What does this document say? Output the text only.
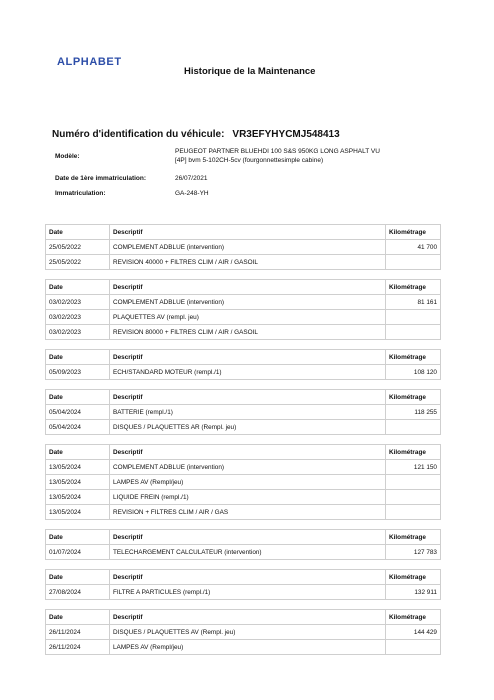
ALPHABET
Historique de la Maintenance
Numéro d'identification du véhicule: VR3EFYHYCMJ548413
Modèle:
PEUGEOT PARTNER BLUEHDI 100 S&S 950KG LONG ASPHALT VU
[4P] bvm 5-102CH-5cv (fourgonnettesimple cabine)
Date de 1ère immatriculation:	26/07/2021
Immatriculation:	GA-248-YH
Date	Descriptif	Kilométrage
25/05/2022	COMPLEMENT ADBLUE (intervention)	41 700
25/05/2022	REVISION 40000 + FILTRES CLIM / AIR / GASOIL	
Date	Descriptif	Kilométrage
03/02/2023	COMPLEMENT ADBLUE (intervention)	81 161
03/02/2023	PLAQUETTES AV (rempl. jeu)	
03/02/2023	REVISION 80000 + FILTRES CLIM / AIR / GASOIL	
Date	Descriptif	Kilométrage
05/09/2023	ECH/STANDARD MOTEUR (rempl./1)	108 120
Date	Descriptif	Kilométrage
05/04/2024	BATTERIE (rempl./1)	118 255
05/04/2024	DISQUES / PLAQUETTES AR (Rempl. jeu)	
Date	Descriptif	Kilométrage
13/05/2024	COMPLEMENT ADBLUE (intervention)	121 150
13/05/2024	LAMPES AV (Rempl/jeu)	
13/05/2024	LIQUIDE FREIN (rempl./1)	
13/05/2024	REVISION + FILTRES CLIM / AIR / GAS	
Date	Descriptif	Kilométrage
01/07/2024	TELECHARGEMENT CALCULATEUR (intervention)	127 783
Date	Descriptif	Kilométrage
27/08/2024	FILTRE A PARTICULES (rempl./1)	132 911
Date	Descriptif	Kilométrage
26/11/2024	DISQUES / PLAQUETTES AV (Rempl. jeu)	144 429
26/11/2024	LAMPES AV (Rempl/jeu)	
